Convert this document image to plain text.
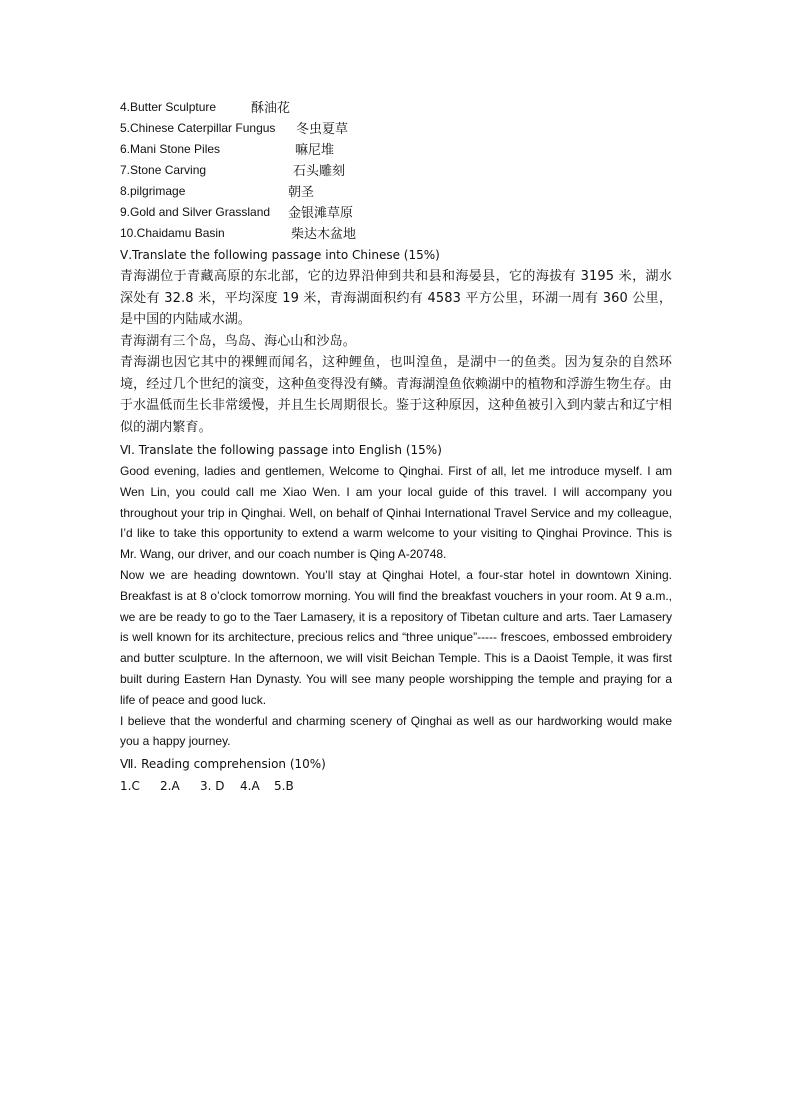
4.Butter Sculpture	酥油花
5.Chinese Caterpillar Fungus	冬虫夏草
6.Mani Stone Piles	嘛尼堆
7.Stone Carving	石头雕刻
8.pilgrimage	朝圣
9.Gold and Silver Grassland	金银滩草原
10.Chaidamu Basin	柴达木盆地
Ⅴ.Translate the following passage into Chinese (15%)

青海湖位于青藏高原的东北部，它的边界沿伸到共和县和海晏县，它的海拔有 3195 米，湖水深处有 32.8 米，平均深度 19 米，青海湖面积约有 4583 平方公里，环湖一周有 360 公里，是中国的内陆咸水湖。

青海湖有三个岛，鸟岛、海心山和沙岛。

青海湖也因它其中的裸鲤而闻名，这种鲤鱼，也叫湟鱼，是湖中一的鱼类。因为复杂的自然环境，经过几个世纪的演变，这种鱼变得没有鳞。青海湖湟鱼依赖湖中的植物和浮游生物生存。由于水温低而生长非常缓慢，并且生长周期很长。鉴于这种原因，这种鱼被引入到内蒙古和辽宁相似的湖内繁育。

Ⅵ. Translate the following passage into English (15%)

Good evening, ladies and gentlemen, Welcome to Qinghai. First of all, let me introduce myself. I am Wen Lin, you could call me Xiao Wen. I am your local guide of this travel. I will accompany you throughout your trip in Qinghai. Well, on behalf of Qinhai International Travel Service and my colleague, I’d like to take this opportunity to extend a warm welcome to your visiting to Qinghai Province. This is Mr. Wang, our driver, and our coach number is Qing A-20748.

Now we are heading downtown. You’ll stay at Qinghai Hotel, a four-star hotel in downtown Xining. Breakfast is at 8 o’clock tomorrow morning. You will find the breakfast vouchers in your room. At 9 a.m., we are be ready to go to the Taer Lamasery, it is a repository of Tibetan culture and arts. Taer Lamasery is well known for its architecture, precious relics and “three unique”----- frescoes, embossed embroidery and butter sculpture. In the afternoon, we will visit Beichan Temple. This is a Daoist Temple, it was first built during Eastern Han Dynasty. You will see many people worshipping the temple and praying for a life of peace and good luck.

I believe that the wonderful and charming scenery of Qinghai as well as our hardworking would make you a happy journey.

Ⅶ. Reading comprehension (10%)
1.C	2.A	3. D	4.A	5.B
